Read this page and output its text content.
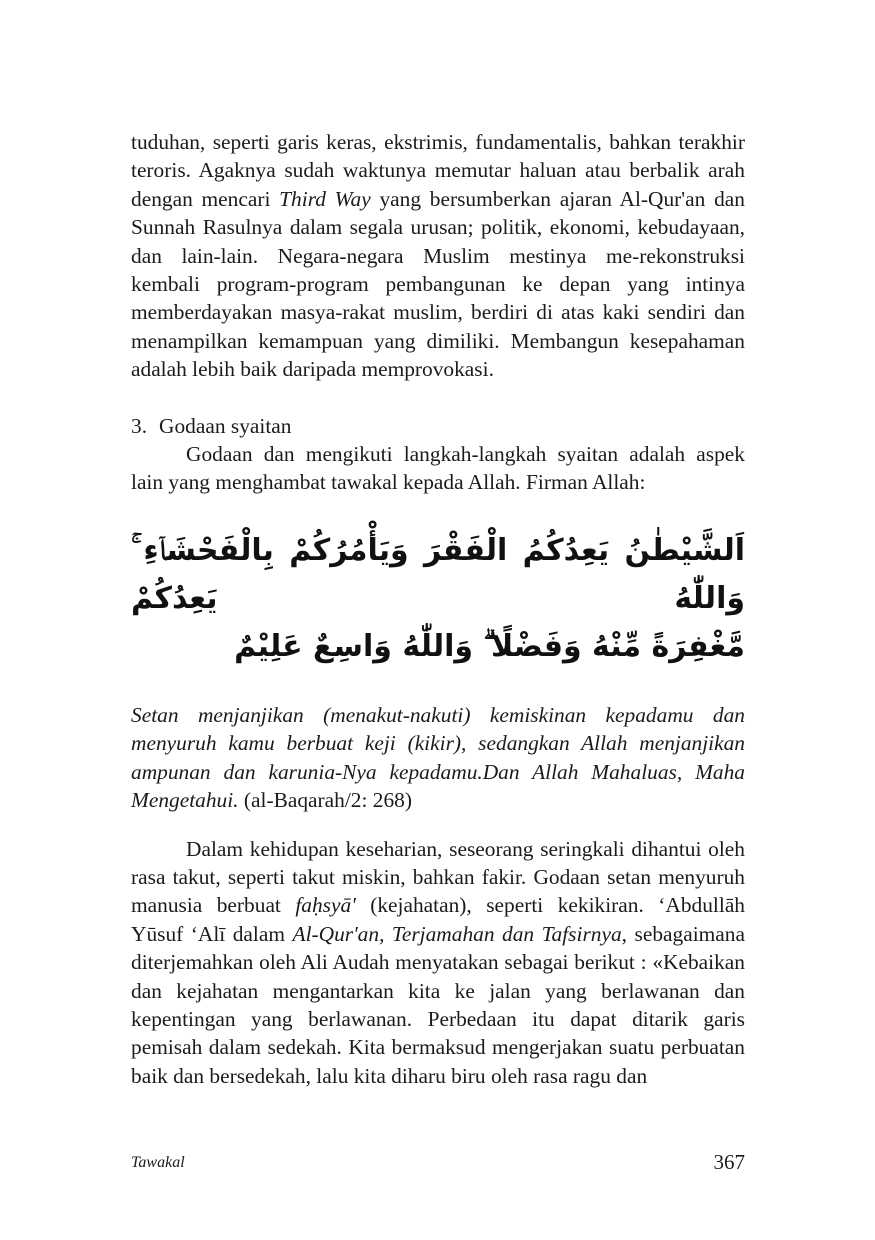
tuduhan, seperti garis keras, ekstrimis, fundamentalis, bahkan terakhir teroris. Agaknya sudah waktunya memutar haluan atau berbalik arah dengan mencari Third Way yang bersumberkan ajaran Al-Qur'an dan Sunnah Rasulnya dalam segala urusan; politik, ekonomi, kebudayaan, dan lain-lain. Negara-negara Muslim mestinya me-rekonstruksi kembali program-program pembangunan ke depan yang intinya memberdayakan masya-rakat muslim, berdiri di atas kaki sendiri dan menampilkan kemampuan yang dimiliki. Membangun kesepahaman adalah lebih baik daripada memprovokasi.

3. Godaan syaitan

Godaan dan mengikuti langkah-langkah syaitan adalah aspek lain yang menghambat tawakal kepada Allah. Firman Allah:

اَلشَّيْطٰنُ يَعِدُكُمُ الْفَقْرَ وَيَأْمُرُكُمْ بِالْفَحْشَاۤءِ ۚ وَاللّٰهُ يَعِدُكُمْ
مَّغْفِرَةً مِّنْهُ وَفَضْلًا ۗ وَاللّٰهُ وَاسِعٌ عَلِيْمٌ

Setan menjanjikan (menakut-nakuti) kemiskinan kepadamu dan menyuruh kamu berbuat keji (kikir), sedangkan Allah menjanjikan ampunan dan karunia-Nya kepadamu.Dan Allah Mahaluas, Maha Mengetahui. (al-Baqarah/2: 268)

Dalam kehidupan keseharian, seseorang seringkali dihantui oleh rasa takut, seperti takut miskin, bahkan fakir. Godaan setan menyuruh manusia berbuat faḥsyā' (kejahatan), seperti kekikiran. ‘Abdullāh Yūsuf ‘Alī dalam Al-Qur'an, Terjamahan dan Tafsirnya, sebagaimana diterjemahkan oleh Ali Audah menyatakan sebagai berikut : «Kebaikan dan kejahatan mengantarkan kita ke jalan yang berlawanan dan kepentingan yang berlawanan. Perbedaan itu dapat ditarik garis pemisah dalam sedekah. Kita bermaksud mengerjakan suatu perbuatan baik dan bersedekah, lalu kita diharu biru oleh rasa ragu dan

Tawakal	367
